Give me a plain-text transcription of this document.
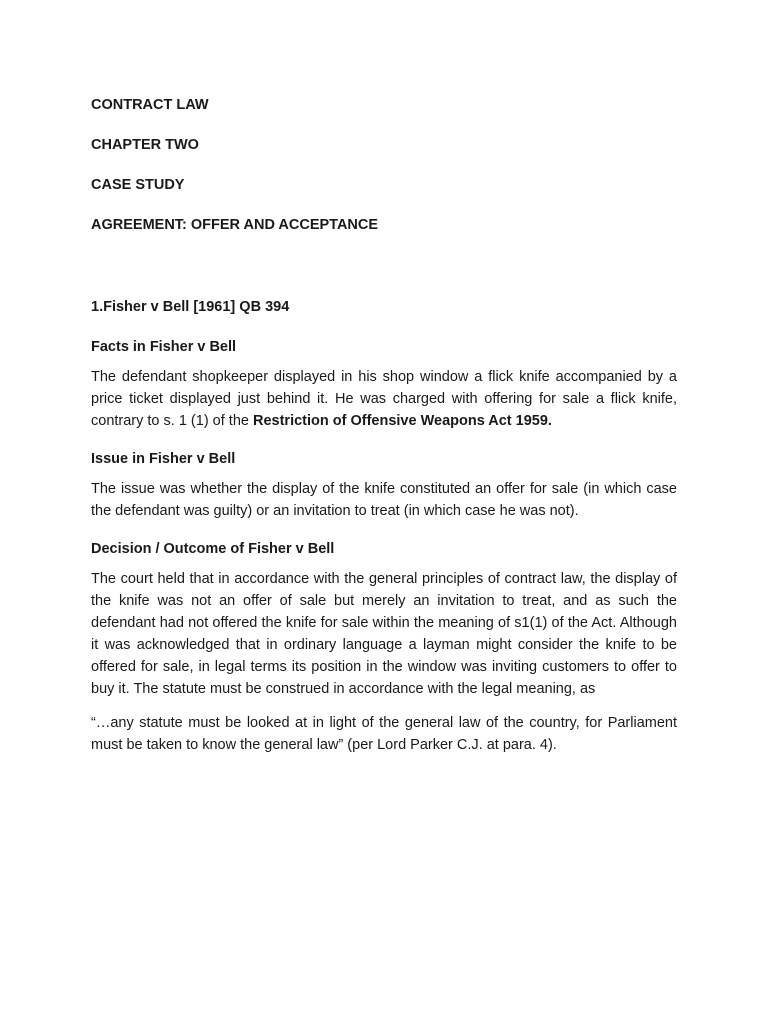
CONTRACT LAW

CHAPTER TWO

CASE STUDY

AGREEMENT: OFFER AND ACCEPTANCE

1.Fisher v Bell [1961] QB 394

Facts in Fisher v Bell

The defendant shopkeeper displayed in his shop window a flick knife accompanied by a price ticket displayed just behind it. He was charged with offering for sale a flick knife, contrary to s. 1 (1) of the Restriction of Offensive Weapons Act 1959.

Issue in Fisher v Bell

The issue was whether the display of the knife constituted an offer for sale (in which case the defendant was guilty) or an invitation to treat (in which case he was not).

Decision / Outcome of Fisher v Bell

The court held that in accordance with the general principles of contract law, the display of the knife was not an offer of sale but merely an invitation to treat, and as such the defendant had not offered the knife for sale within the meaning of s1(1) of the Act. Although it was acknowledged that in ordinary language a layman might consider the knife to be offered for sale, in legal terms its position in the window was inviting customers to offer to buy it. The statute must be construed in accordance with the legal meaning, as

“…any statute must be looked at in light of the general law of the country, for Parliament must be taken to know the general law” (per Lord Parker C.J. at para. 4).
